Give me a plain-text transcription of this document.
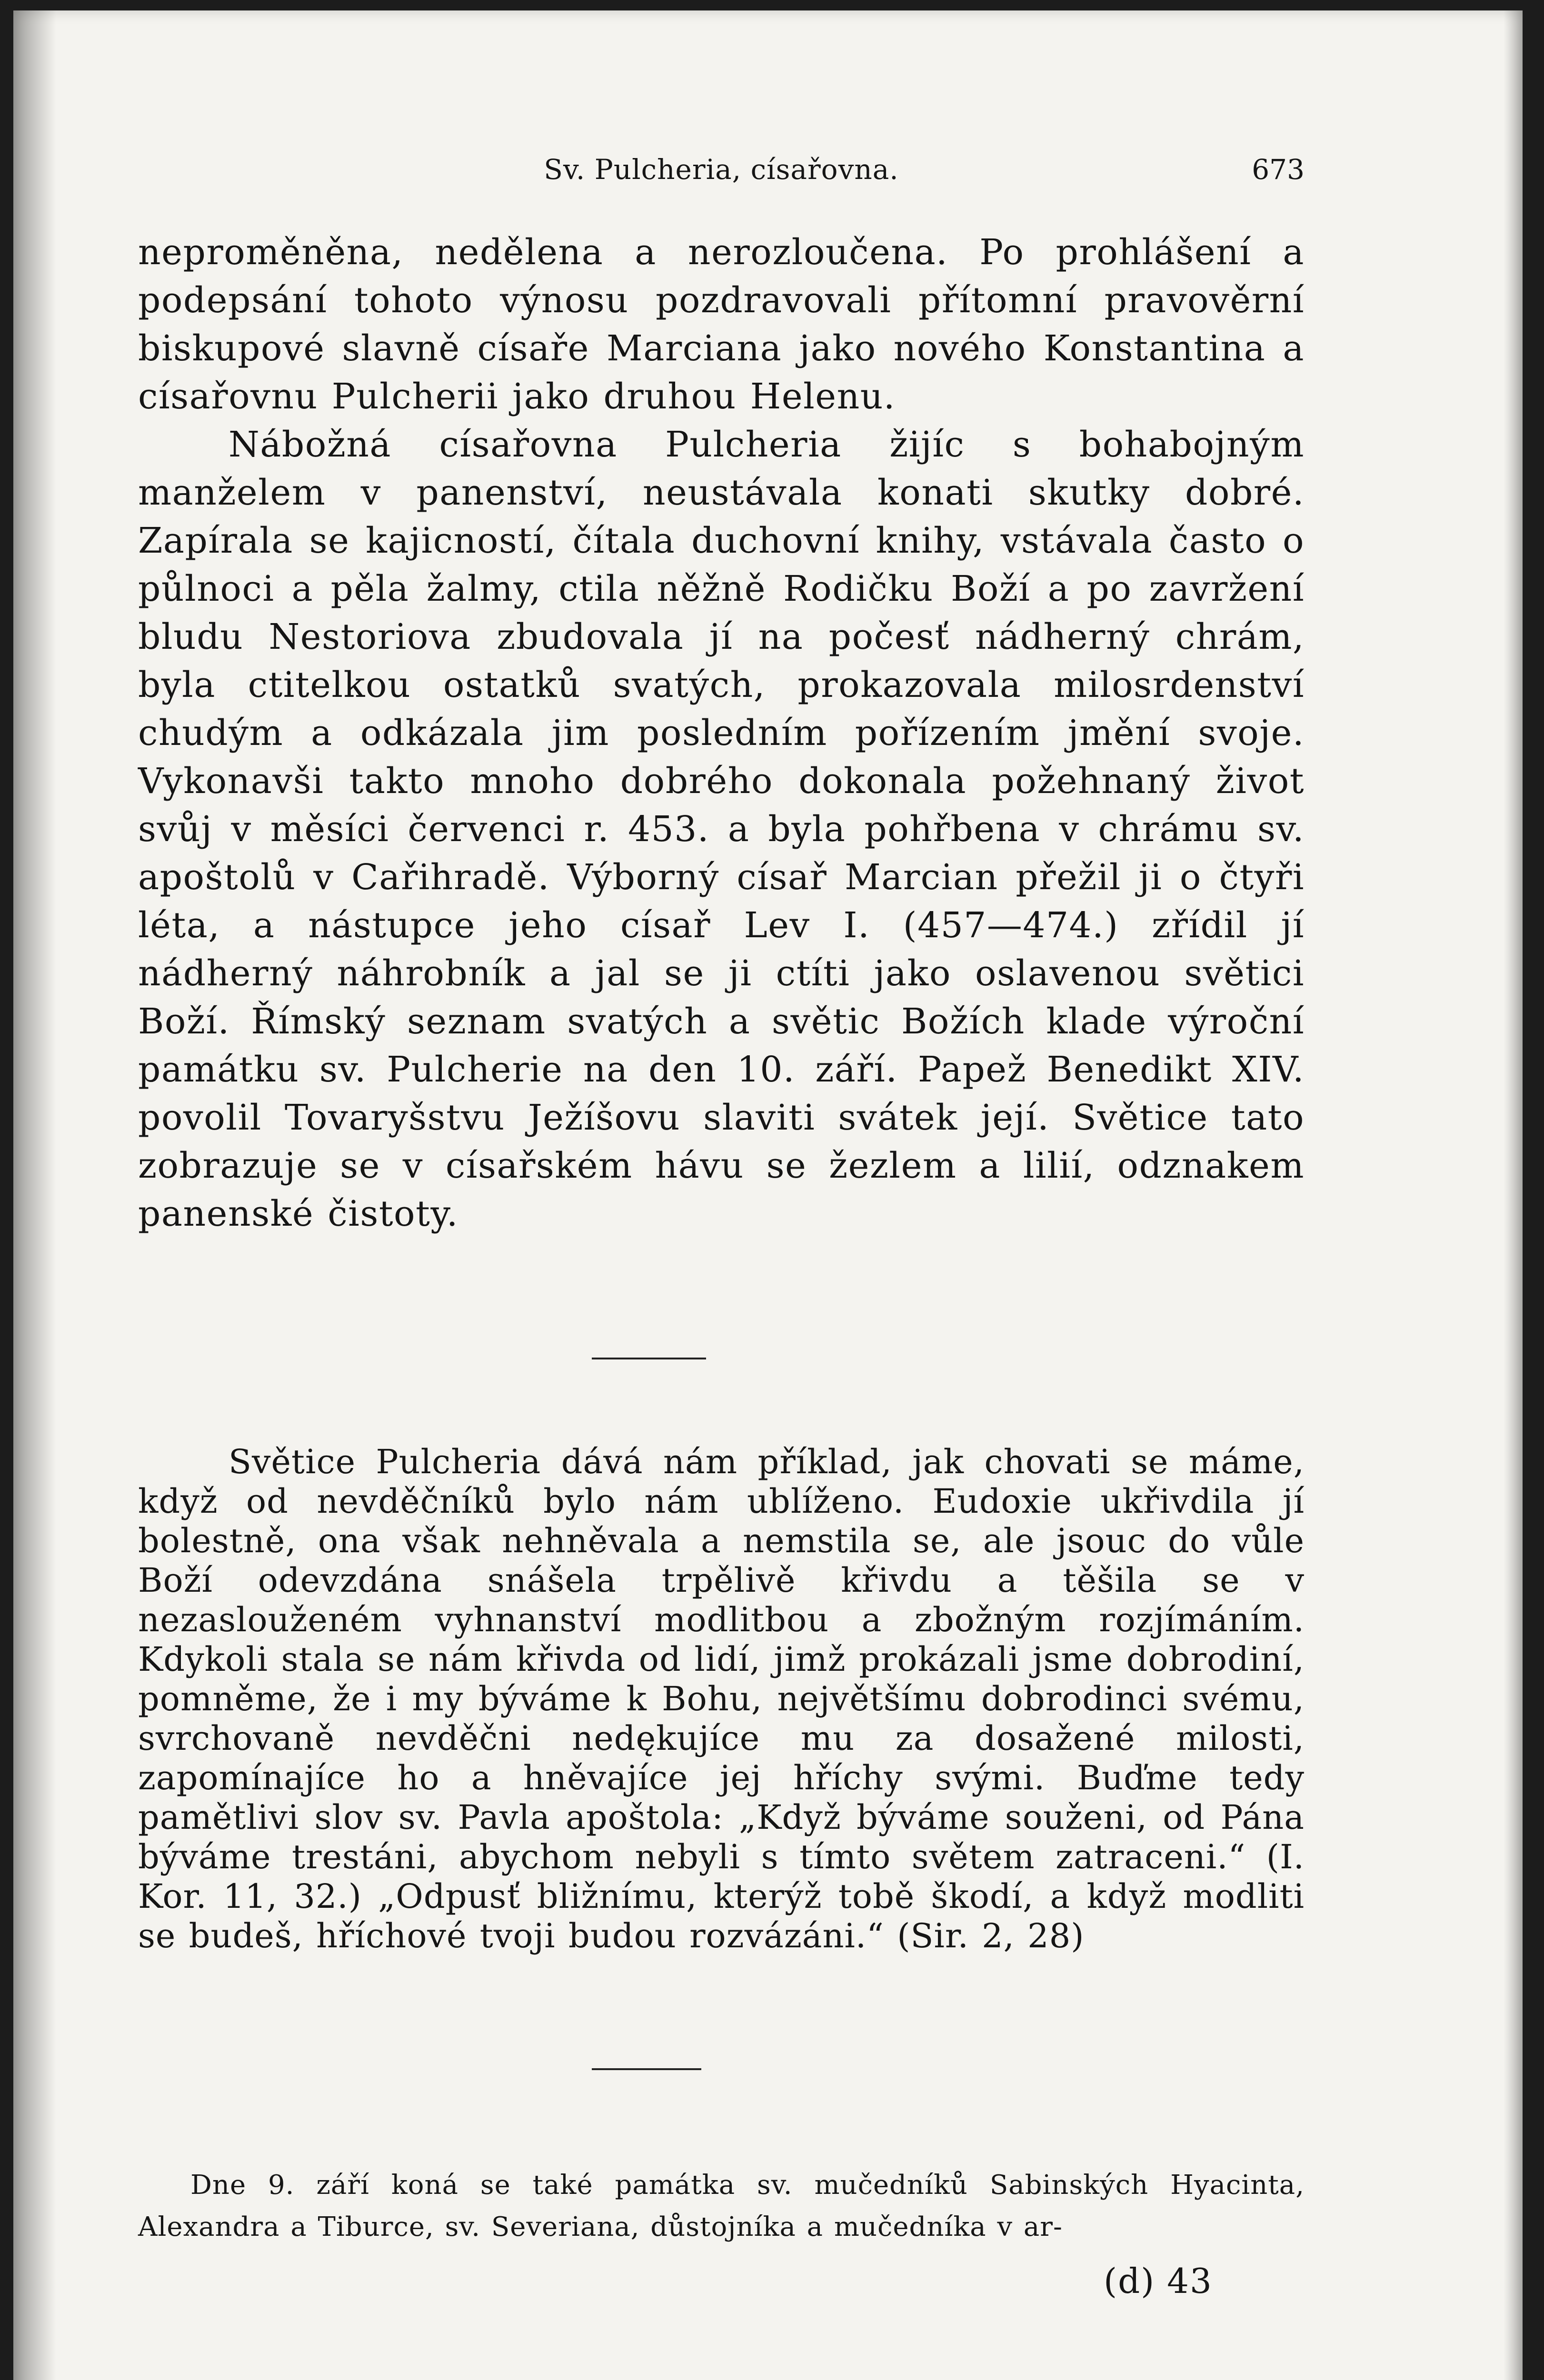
Sv. Pulcheria, císařovna.	673

neproměněna, nedělena a nerozloučena. Po prohlášení a podepsání tohoto výnosu pozdravovali přítomní pravověrní biskupové slavně císaře Marciana jako nového Konstantina a císařovnu Pulcherii jako druhou Helenu.

Nábožná císařovna Pulcheria žijíc s bohabojným manželem v panenství, neustávala konati skutky dobré. Zapírala se kajicností, čítala duchovní knihy, vstávala často o půlnoci a pěla žalmy, ctila něžně Rodičku Boží a po zavržení bludu Nestoriova zbudovala jí na počesť nádherný chrám, byla ctitelkou ostatků svatých, prokazovala milosrdenství chudým a odkázala jim posledním pořízením jmění svoje. Vykonavši takto mnoho dobrého dokonala požehnaný život svůj v měsíci červenci r. 453. a byla pohřbena v chrámu sv. apoštolů v Cařihradě. Výborný císař Marcian přežil ji o čtyři léta, a nástupce jeho císař Lev I. (457—474.) zřídil jí nádherný náhrobník a jal se ji ctíti jako oslavenou světici Boží. Římský seznam svatých a světic Božích klade výroční památku sv. Pulcherie na den 10. září. Papež Benedikt XIV. povolil Tovaryšstvu Ježíšovu slaviti svátek její. Světice tato zobrazuje se v císařském hávu se žezlem a lilií, odznakem panenské čistoty.

Světice Pulcheria dává nám příklad, jak chovati se máme, když od nevděčníků bylo nám ublíženo. Eudoxie ukřivdila jí bolestně, ona však nehněvala a nemstila se, ale jsouc do vůle Boží odevzdána snášela trpělivě křivdu a těšila se v nezaslouženém vyhnanství modlitbou a zbožným rozjímáním. Kdykoli stala se nám křivda od lidí, jimž prokázali jsme dobrodiní, pomněme, že i my býváme k Bohu, největšímu dobrodinci svému, svrchovaně nevděčni nedękujíce mu za dosažené milosti, zapomínajíce ho a hněvajíce jej hříchy svými. Buďme tedy pamětlivi slov sv. Pavla apoštola: „Když býváme souženi, od Pána býváme trestáni, abychom nebyli s tímto světem zatraceni.“ (I. Kor. 11, 32.) „Odpusť bližnímu, kterýž tobě škodí, a když modliti se budeš, hříchové tvoji budou rozvázáni.“ (Sir. 2, 28)

Dne 9. září koná se také památka sv. mučedníků Sabinských Hyacinta, Alexandra a Tiburce, sv. Severiana, důstojníka a mučedníka v ar-

(d) 43
